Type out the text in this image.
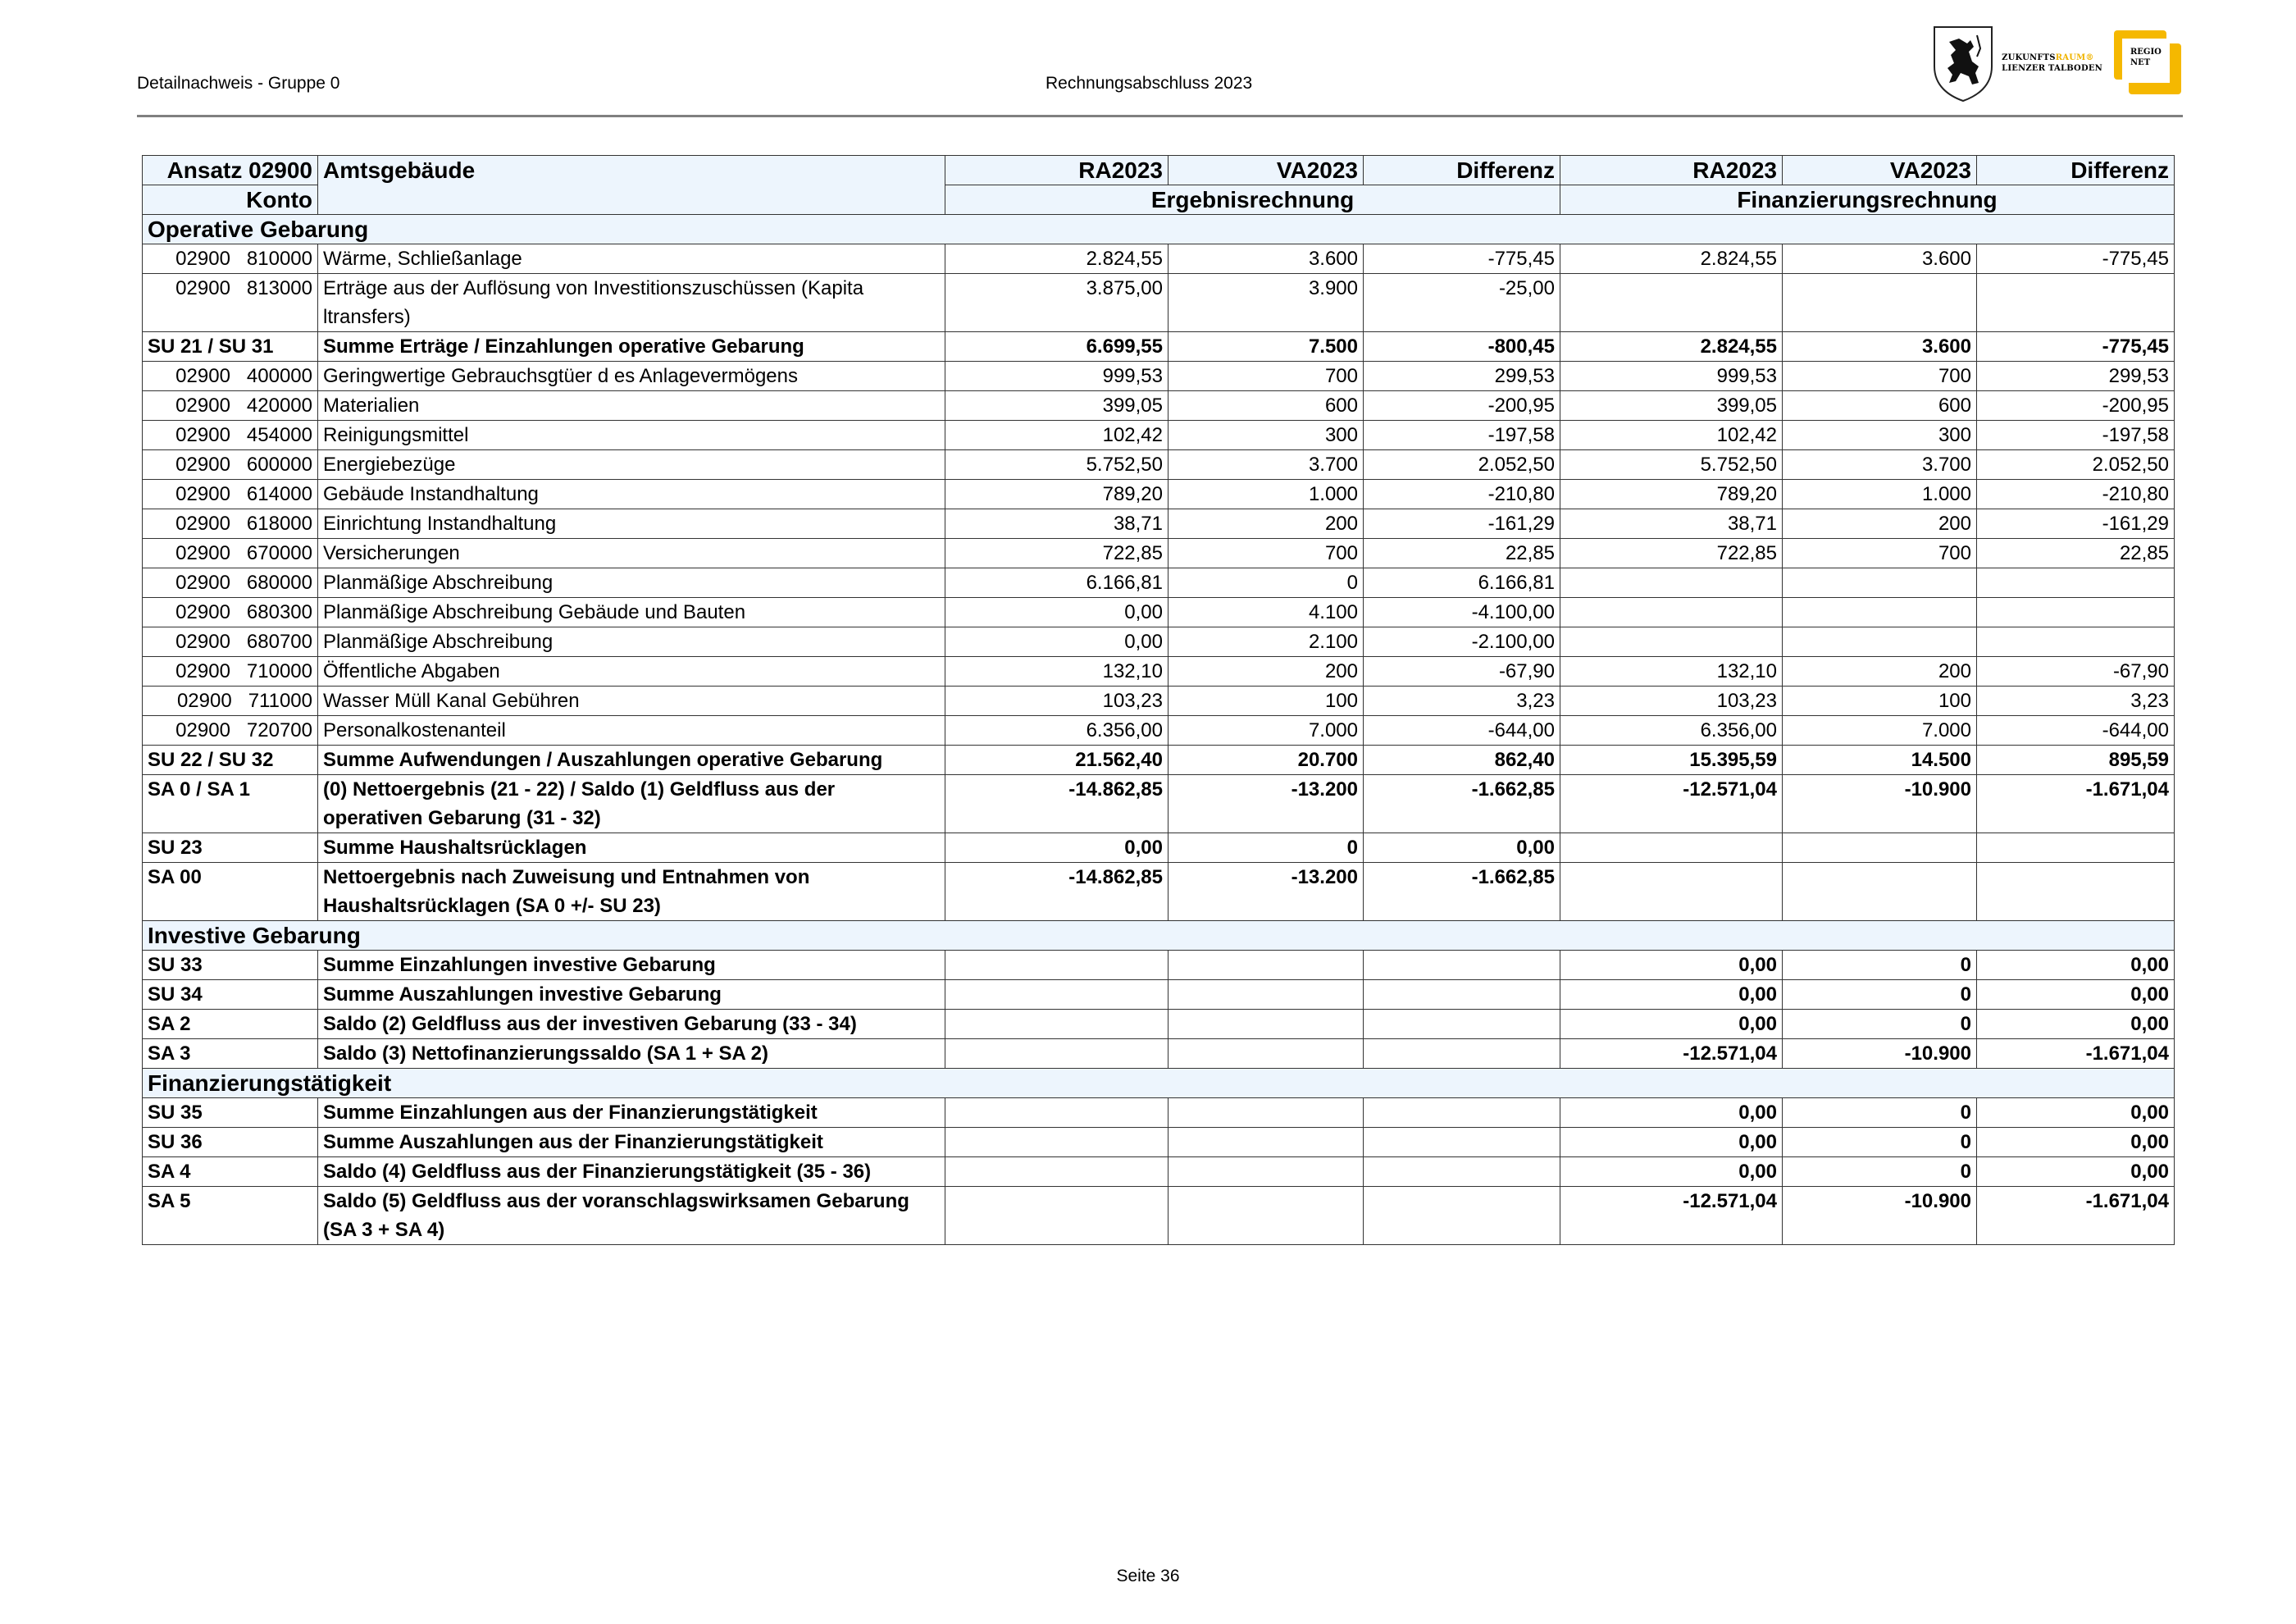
Detailnachweis - Gruppe 0	Rechnungsabschluss 2023
ZUKUNFTSRAUM®
LIENZER TALBODEN
REGIO
NET
Ansatz 02900	Amtsgebäude	RA2023	VA2023	Differenz	RA2023	VA2023	Differenz
Konto		Ergebnisrechnung			Finanzierungsrechnung		
Operative Gebarung							
02900   810000	Wärme, Schließanlage	2.824,55	3.600	-775,45	2.824,55	3.600	-775,45
02900   813000	Erträge aus der Auflösung von Investitionszuschüssen (Kapita ltransfers)	3.875,00	3.900	-25,00			
SU 21 / SU 31	Summe Erträge / Einzahlungen operative Gebarung	6.699,55	7.500	-800,45	2.824,55	3.600	-775,45
02900   400000	Geringwertige Gebrauchsgtüer d es Anlagevermögens	999,53	700	299,53	999,53	700	299,53
02900   420000	Materialien	399,05	600	-200,95	399,05	600	-200,95
02900   454000	Reinigungsmittel	102,42	300	-197,58	102,42	300	-197,58
02900   600000	Energiebezüge	5.752,50	3.700	2.052,50	5.752,50	3.700	2.052,50
02900   614000	Gebäude Instandhaltung	789,20	1.000	-210,80	789,20	1.000	-210,80
02900   618000	Einrichtung Instandhaltung	38,71	200	-161,29	38,71	200	-161,29
02900   670000	Versicherungen	722,85	700	22,85	722,85	700	22,85
02900   680000	Planmäßige Abschreibung	6.166,81	0	6.166,81			
02900   680300	Planmäßige Abschreibung Gebäude und Bauten	0,00	4.100	-4.100,00			
02900   680700	Planmäßige Abschreibung	0,00	2.100	-2.100,00			
02900   710000	Öffentliche Abgaben	132,10	200	-67,90	132,10	200	-67,90
02900   711000	Wasser Müll Kanal Gebühren	103,23	100	3,23	103,23	100	3,23
02900   720700	Personalkostenanteil	6.356,00	7.000	-644,00	6.356,00	7.000	-644,00
SU 22 / SU 32	Summe Aufwendungen / Auszahlungen operative Gebarung	21.562,40	20.700	862,40	15.395,59	14.500	895,59
SA 0 / SA 1	(0) Nettoergebnis (21 - 22) / Saldo (1) Geldfluss aus der operativen Gebarung (31 - 32)	-14.862,85	-13.200	-1.662,85	-12.571,04	-10.900	-1.671,04
SU 23	Summe Haushaltsrücklagen	0,00	0	0,00			
SA 00	Nettoergebnis nach Zuweisung und Entnahmen von Haushaltsrücklagen (SA 0 +/- SU 23)	-14.862,85	-13.200	-1.662,85			
Investive Gebarung							
SU 33	Summe Einzahlungen investive Gebarung				0,00	0	0,00
SU 34	Summe Auszahlungen investive Gebarung				0,00	0	0,00
SA 2	Saldo (2) Geldfluss aus der investiven Gebarung (33 - 34)				0,00	0	0,00
SA 3	Saldo (3) Nettofinanzierungssaldo (SA 1 + SA 2)				-12.571,04	-10.900	-1.671,04
Finanzierungstätigkeit							
SU 35	Summe Einzahlungen aus der Finanzierungstätigkeit				0,00	0	0,00
SU 36	Summe Auszahlungen aus der Finanzierungstätigkeit				0,00	0	0,00
SA 4	Saldo (4) Geldfluss aus der Finanzierungstätigkeit (35 - 36)				0,00	0	0,00
SA 5	Saldo (5) Geldfluss aus der voranschlagswirksamen Gebarung (SA 3 + SA 4)				-12.571,04	-10.900	-1.671,04
Seite 36
